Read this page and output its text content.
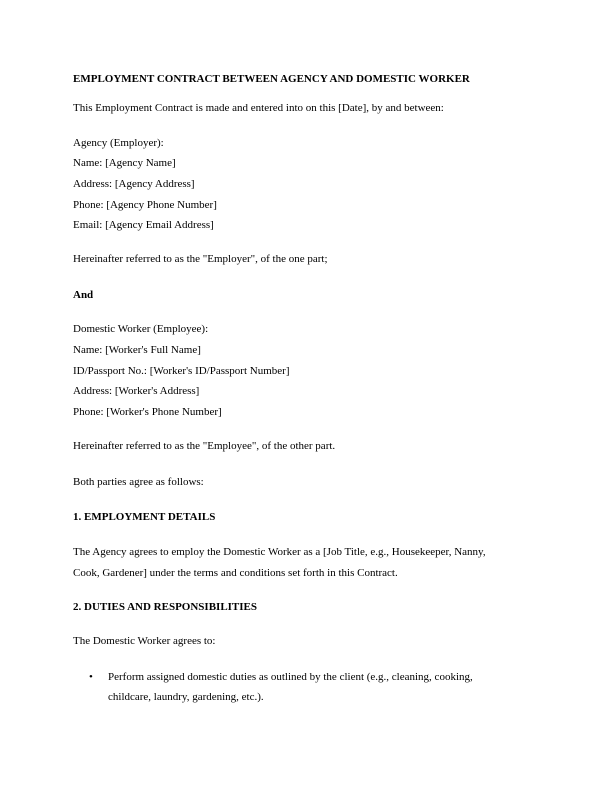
EMPLOYMENT CONTRACT BETWEEN AGENCY AND DOMESTIC WORKER
This Employment Contract is made and entered into on this [Date], by and between:
Agency (Employer):
Name: [Agency Name]
Address: [Agency Address]
Phone: [Agency Phone Number]
Email: [Agency Email Address]
Hereinafter referred to as the "Employer", of the one part;
And
Domestic Worker (Employee):
Name: [Worker's Full Name]
ID/Passport No.: [Worker's ID/Passport Number]
Address: [Worker's Address]
Phone: [Worker's Phone Number]
Hereinafter referred to as the "Employee", of the other part.
Both parties agree as follows:
1. EMPLOYMENT DETAILS
The Agency agrees to employ the Domestic Worker as a [Job Title, e.g., Housekeeper, Nanny,
Cook, Gardener] under the terms and conditions set forth in this Contract.
2. DUTIES AND RESPONSIBILITIES
The Domestic Worker agrees to:
• Perform assigned domestic duties as outlined by the client (e.g., cleaning, cooking,
childcare, laundry, gardening, etc.).
